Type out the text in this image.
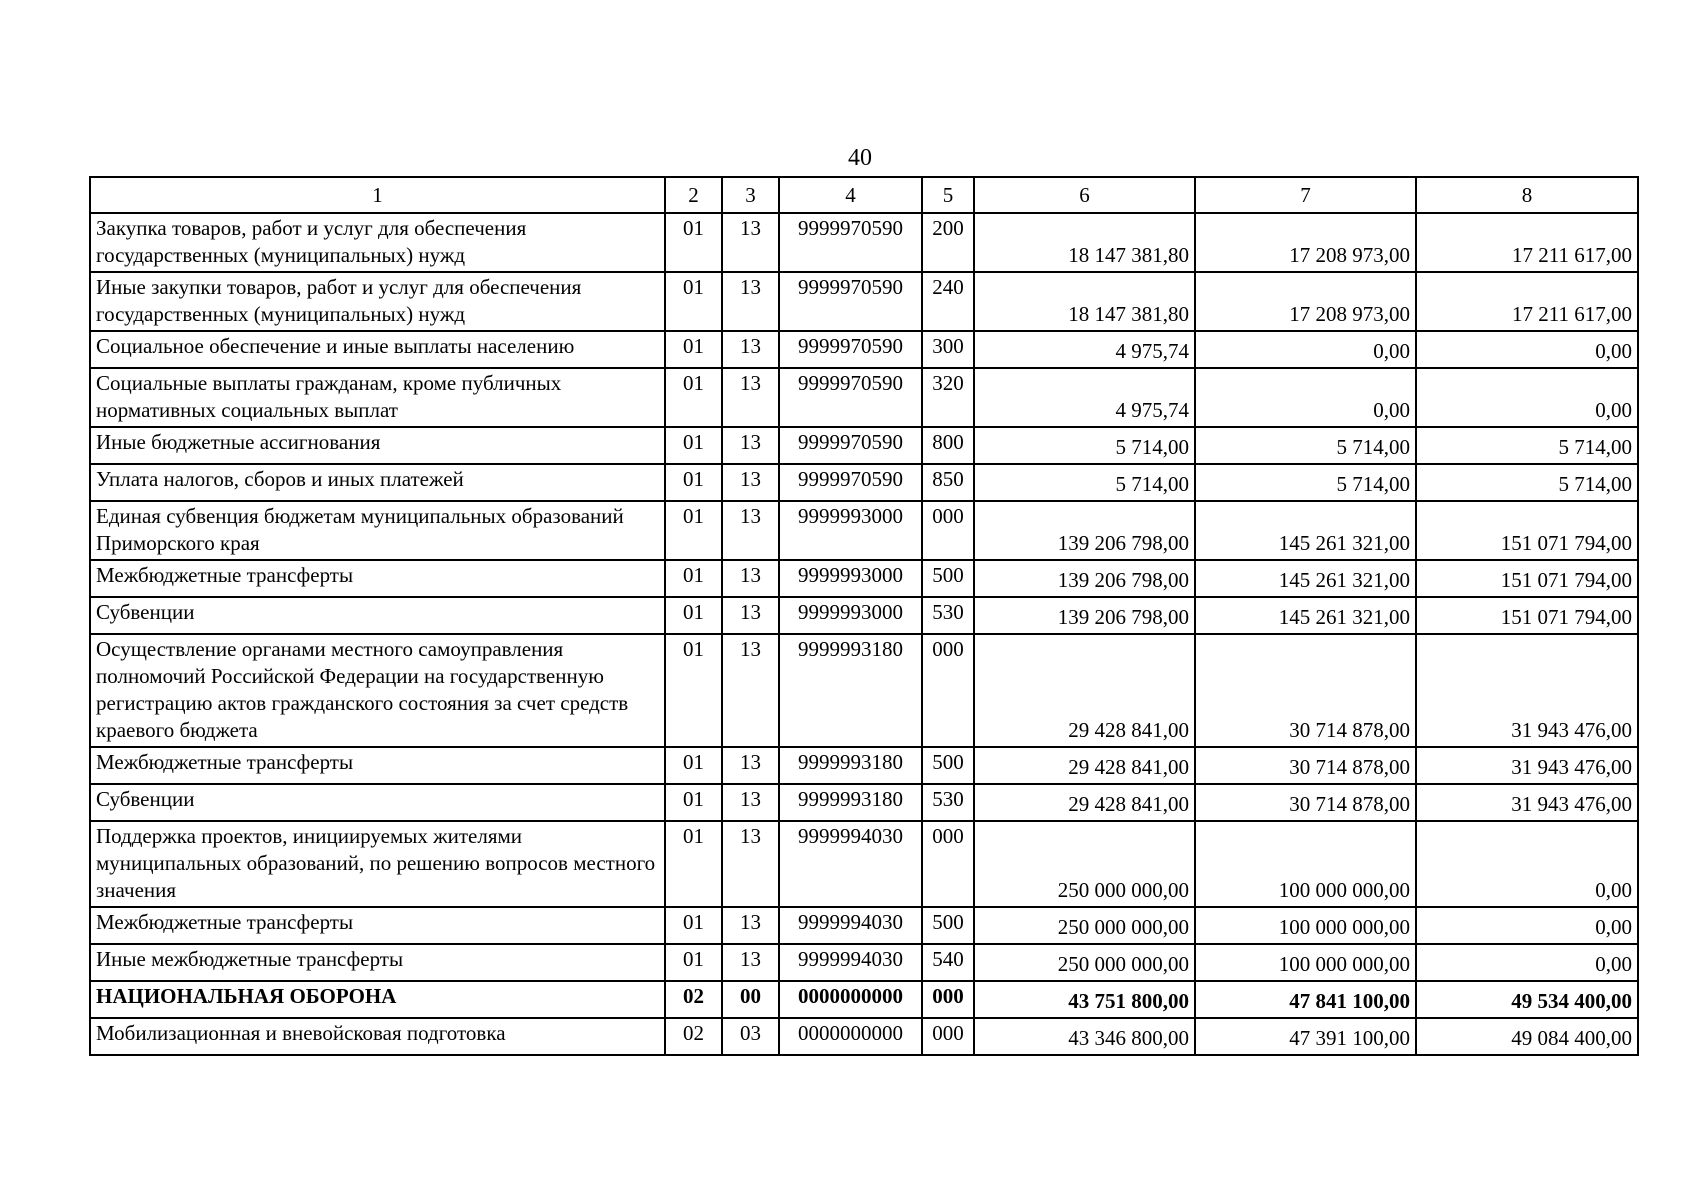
40
1	2	3	4	5	6	7	8
Закупка товаров, работ и услуг для обеспечения государственных (муниципальных) нужд	01	13	9999970590	200	18 147 381,80	17 208 973,00	17 211 617,00
Иные закупки товаров, работ и услуг для обеспечения государственных (муниципальных) нужд	01	13	9999970590	240	18 147 381,80	17 208 973,00	17 211 617,00
Социальное обеспечение и иные выплаты населению	01	13	9999970590	300	4 975,74	0,00	0,00
Социальные выплаты гражданам, кроме публичных нормативных социальных выплат	01	13	9999970590	320	4 975,74	0,00	0,00
Иные бюджетные ассигнования	01	13	9999970590	800	5 714,00	5 714,00	5 714,00
Уплата налогов, сборов и иных платежей	01	13	9999970590	850	5 714,00	5 714,00	5 714,00
Единая субвенция бюджетам муниципальных образований Приморского края	01	13	9999993000	000	139 206 798,00	145 261 321,00	151 071 794,00
Межбюджетные трансферты	01	13	9999993000	500	139 206 798,00	145 261 321,00	151 071 794,00
Субвенции	01	13	9999993000	530	139 206 798,00	145 261 321,00	151 071 794,00
Осуществление органами местного самоуправления полномочий Российской Федерации на государственную регистрацию актов гражданского состояния за счет средств краевого бюджета	01	13	9999993180	000	29 428 841,00	30 714 878,00	31 943 476,00
Межбюджетные трансферты	01	13	9999993180	500	29 428 841,00	30 714 878,00	31 943 476,00
Субвенции	01	13	9999993180	530	29 428 841,00	30 714 878,00	31 943 476,00
Поддержка проектов, инициируемых жителями муниципальных образований, по решению вопросов местного значения	01	13	9999994030	000	250 000 000,00	100 000 000,00	0,00
Межбюджетные трансферты	01	13	9999994030	500	250 000 000,00	100 000 000,00	0,00
Иные межбюджетные трансферты	01	13	9999994030	540	250 000 000,00	100 000 000,00	0,00
НАЦИОНАЛЬНАЯ ОБОРОНА	02	00	0000000000	000	43 751 800,00	47 841 100,00	49 534 400,00
Мобилизационная и вневойсковая подготовка	02	03	0000000000	000	43 346 800,00	47 391 100,00	49 084 400,00
